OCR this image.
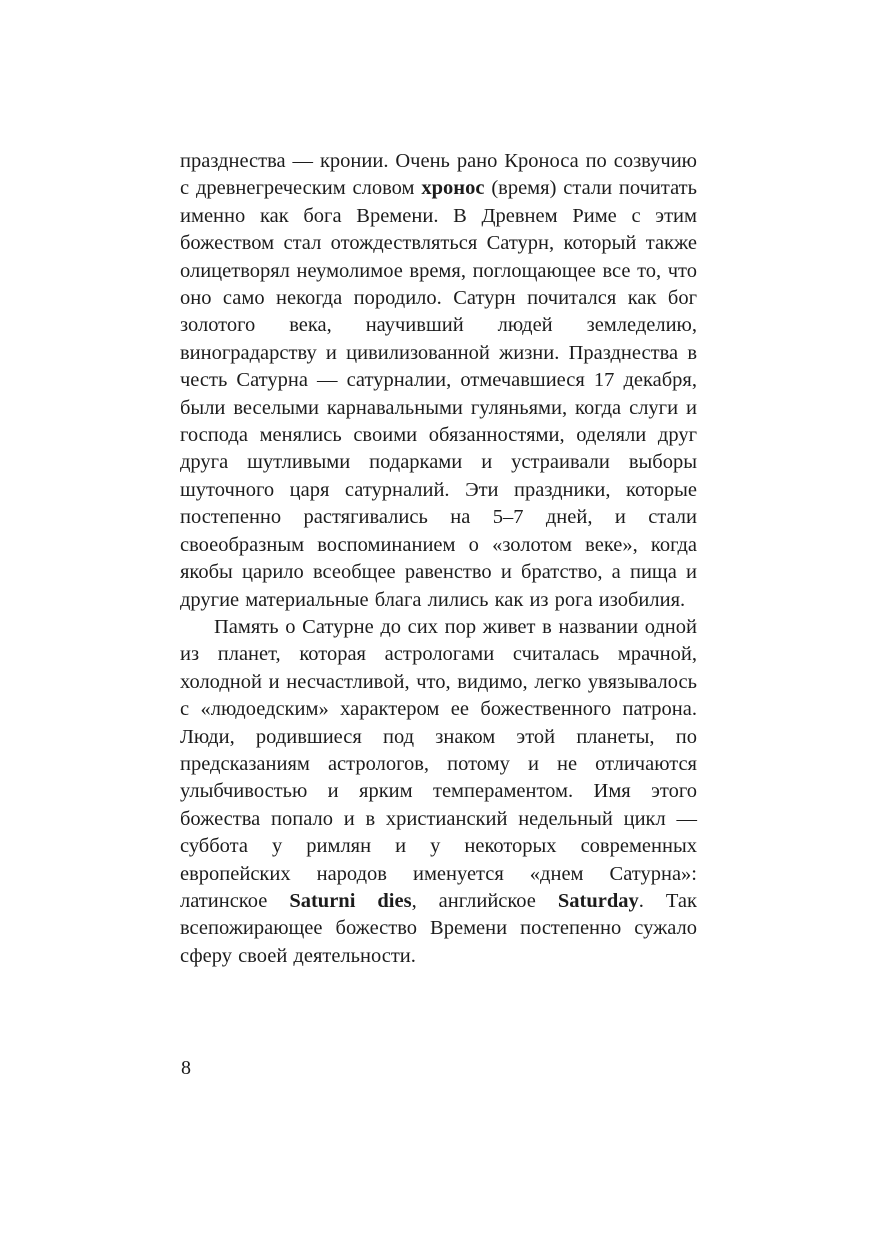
празднества — кронии. Очень рано Кроноса по созвучию с древнегреческим словом хронос (время) стали почитать именно как бога Времени. В Древнем Риме с этим божеством стал отождествляться Сатурн, который также олицетворял неумолимое время, поглощающее все то, что оно само некогда породило. Сатурн почитался как бог золотого века, научивший людей земледелию, виноградарству и цивилизованной жизни. Празднества в честь Сатурна — сатурналии, отмечавшиеся 17 декабря, были веселыми карнавальными гуляньями, когда слуги и господа менялись своими обязанностями, оделяли друг друга шутливыми подарками и устраивали выборы шуточного царя сатурналий. Эти праздники, которые постепенно растягивались на 5–7 дней, и стали своеобразным воспоминанием о «золотом веке», когда якобы царило всеобщее равенство и братство, а пища и другие материальные блага лились как из рога изобилия.

Память о Сатурне до сих пор живет в названии одной из планет, которая астрологами считалась мрачной, холодной и несчастливой, что, видимо, легко увязывалось с «людоедским» характером ее божественного патрона. Люди, родившиеся под знаком этой планеты, по предсказаниям астрологов, потому и не отличаются улыбчивостью и ярким темпераментом. Имя этого божества попало и в христианский недельный цикл — суббота у римлян и у некоторых современных европейских народов именуется «днем Сатурна»: латинское Saturni dies, английское Saturday. Так всепожирающее божество Времени постепенно сужало сферу своей деятельности.

8
